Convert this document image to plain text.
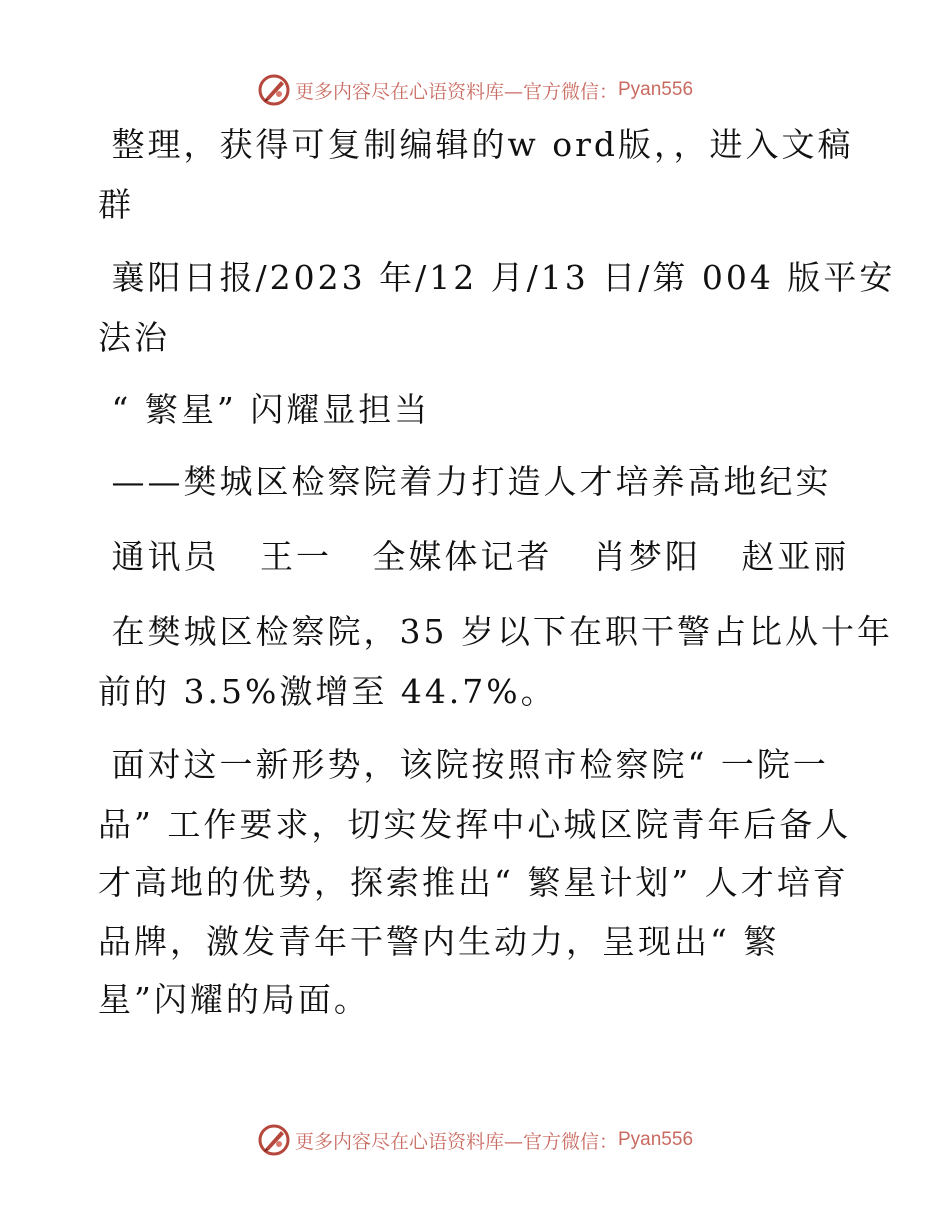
更多内容尽在心语资料库—官方微信： Pyan556

整理，获得可复制编辑的w ord版，，进入文稿

群

襄阳日报/2023 年/12 月/13 日/第 004 版平安

法治

“ 繁星” 闪耀显担当

——樊城区检察院着力打造人才培养高地纪实

通讯员   王一   全媒体记者   肖梦阳   赵亚丽

在樊城区检察院，35 岁以下在职干警占比从十年

前的 3.5%激增至 44.7%。

面对这一新形势，该院按照市检察院“ 一院一

品” 工作要求，切实发挥中心城区院青年后备人

才高地的优势，探索推出“ 繁星计划” 人才培育

品牌，激发青年干警内生动力，呈现出“ 繁

星”闪耀的局面。

更多内容尽在心语资料库—官方微信： Pyan556
